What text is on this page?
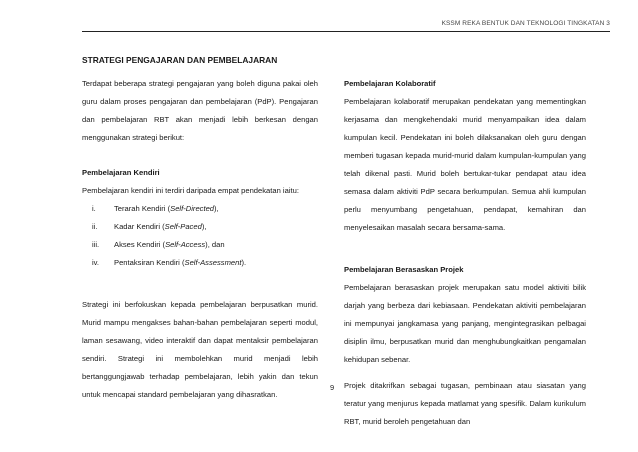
KSSM REKA BENTUK DAN TEKNOLOGI TINGKATAN 3
STRATEGI PENGAJARAN DAN PEMBELAJARAN

Terdapat beberapa strategi pengajaran yang boleh diguna pakai oleh guru dalam proses pengajaran dan pembelajaran (PdP). Pengajaran dan pembelajaran RBT akan menjadi lebih berkesan dengan menggunakan strategi berikut:

Pembelajaran Kendiri

Pembelajaran kendiri ini terdiri daripada empat pendekatan iaitu:

i.	Terarah Kendiri (Self-Directed),
ii.	Kadar Kendiri (Self-Paced),
iii.	Akses Kendiri (Self-Access), dan
iv.	Pentaksiran Kendiri (Self-Assessment).

Strategi ini berfokuskan kepada pembelajaran berpusatkan murid. Murid mampu mengakses bahan-bahan pembelajaran seperti modul, laman sesawang, video interaktif dan dapat mentaksir pembelajaran sendiri. Strategi ini membolehkan murid menjadi lebih bertanggungjawab terhadap pembelajaran, lebih yakin dan tekun untuk mencapai standard pembelajaran yang dihasratkan.

Pembelajaran Kolaboratif

Pembelajaran kolaboratif merupakan pendekatan yang mementingkan kerjasama dan mengkehendaki murid menyampaikan idea dalam kumpulan kecil. Pendekatan ini boleh dilaksanakan oleh guru dengan memberi tugasan kepada murid-murid dalam kumpulan-kumpulan yang telah dikenal pasti. Murid boleh bertukar-tukar pendapat atau idea semasa dalam aktiviti PdP secara berkumpulan. Semua ahli kumpulan perlu menyumbang pengetahuan, pendapat, kemahiran dan menyelesaikan masalah secara bersama-sama.

Pembelajaran Berasaskan Projek

Pembelajaran berasaskan projek merupakan satu model aktiviti bilik darjah yang berbeza dari kebiasaan. Pendekatan aktiviti pembelajaran ini mempunyai jangkamasa yang panjang, mengintegrasikan pelbagai disiplin ilmu, berpusatkan murid dan menghubungkaitkan pengamalan kehidupan sebenar.

Projek ditakrifkan sebagai tugasan, pembinaan atau siasatan yang teratur yang menjurus kepada matlamat yang spesifik. Dalam kurikulum RBT, murid beroleh pengetahuan dan

9
